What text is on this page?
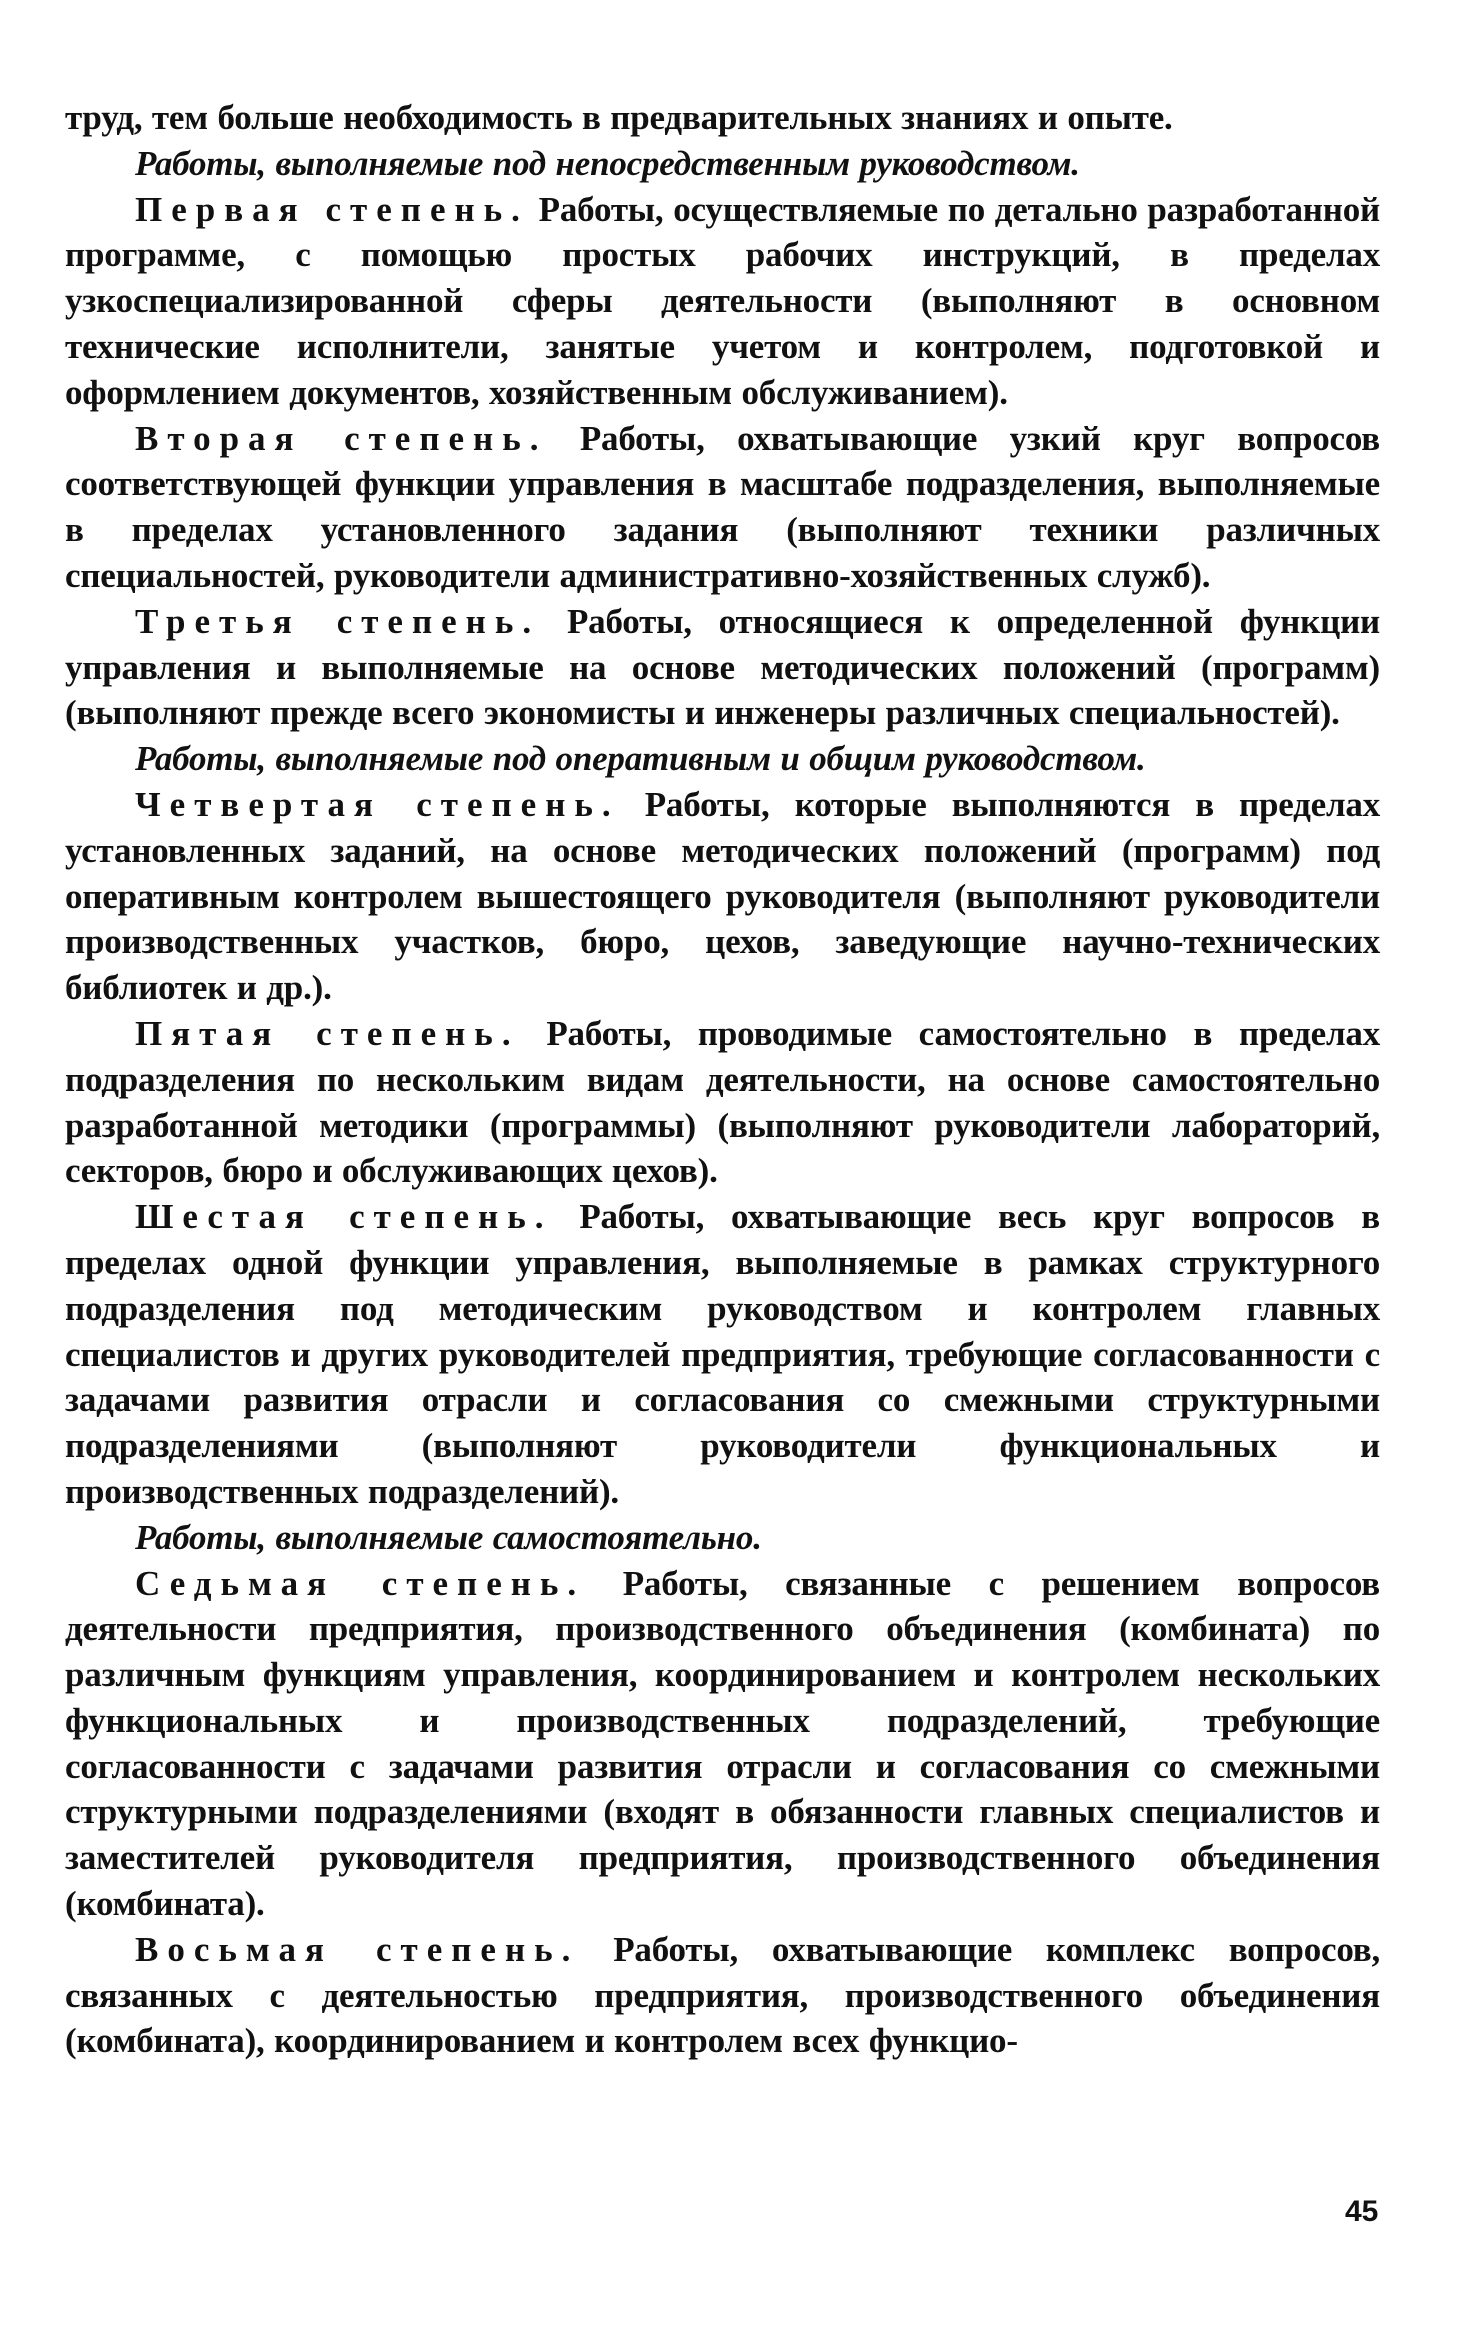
труд, тем больше необходимость в предварительных знаниях и опыте.

Работы, выполняемые под непосредственным руководством.

Первая степень. Работы, осуществляемые по детально разработанной программе, с помощью простых рабочих инструкций, в пределах узкоспециализированной сферы деятельности (выполняют в основном технические исполнители, занятые учетом и контролем, подготовкой и оформлением документов, хозяйственным обслуживанием).

Вторая степень. Работы, охватывающие узкий круг вопросов соответствующей функции управления в масштабе подразделения, выполняемые в пределах установленного задания (выполняют техники различных специальностей, руководители административно-хозяйственных служб).

Третья степень. Работы, относящиеся к определенной функции управления и выполняемые на основе методических положений (программ) (выполняют прежде всего экономисты и инженеры различных специальностей).

Работы, выполняемые под оперативным и общим руководством.

Четвертая степень. Работы, которые выполняются в пределах установленных заданий, на основе методических положений (программ) под оперативным контролем вышестоящего руководителя (выполняют руководители производственных участков, бюро, цехов, заведующие научно-технических библиотек и др.).

Пятая степень. Работы, проводимые самостоятельно в пределах подразделения по нескольким видам деятельности, на основе самостоятельно разработанной методики (программы) (выполняют руководители лабораторий, секторов, бюро и обслуживающих цехов).

Шестая степень. Работы, охватывающие весь круг вопросов в пределах одной функции управления, выполняемые в рамках структурного подразделения под методическим руководством и контролем главных специалистов и других руководителей предприятия, требующие согласованности с задачами развития отрасли и согласования со смежными структурными подразделениями (выполняют руководители функциональных и производственных подразделений).

Работы, выполняемые самостоятельно.

Седьмая степень. Работы, связанные с решением вопросов деятельности предприятия, производственного объединения (комбината) по различным функциям управления, координированием и контролем нескольких функциональных и производственных подразделений, требующие согласованности с задачами развития отрасли и согласования со смежными структурными подразделениями (входят в обязанности главных специалистов и заместителей руководителя предприятия, производственного объединения (комбината).

Восьмая степень. Работы, охватывающие комплекс вопросов, связанных с деятельностью предприятия, производственного объединения (комбината), координированием и контролем всех функцио-

45
